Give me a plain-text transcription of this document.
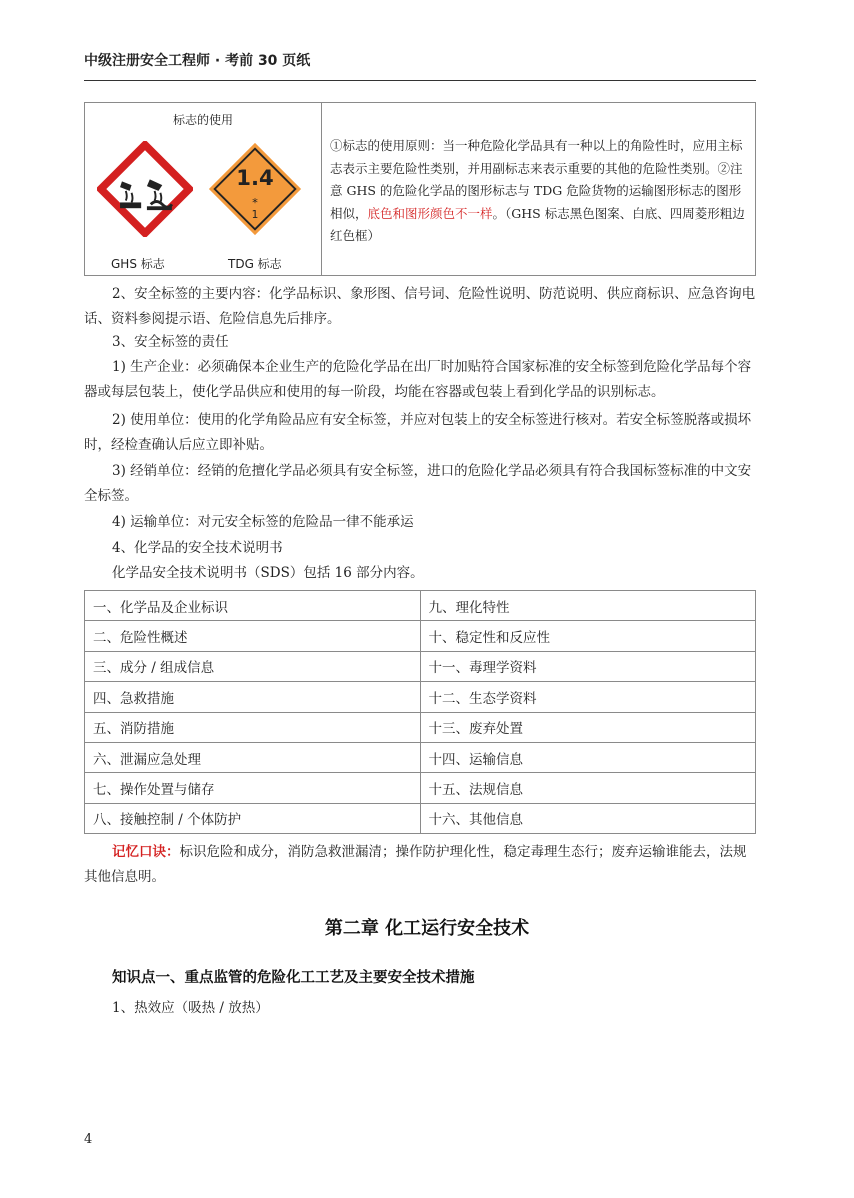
中级注册安全工程师 · 考前 30 页纸
标志的使用
1.4
*
1
GHS 标志	TDG 标志
①标志的使用原则：当一种危险化学品具有一种以上的角险性时，应用主标志表示主要危险性类别，并用副标志来表示重要的其他的危险性类别。②注意 GHS 的危险化学品的图形标志与 TDG 危险货物的运输图形标志的图形相似，底色和图形颜色不一样。（GHS 标志黑色图案、白底、四周菱形粗边红色框）
2、安全标签的主要内容：化学品标识、象形图、信号词、危险性说明、防范说明、供应商标识、应急咨询电话、资料参阅提示语、危险信息先后排序。
3、安全标签的责任
1) 生产企业：必须确保本企业生产的危险化学品在出厂时加贴符合国家标准的安全标签到危险化学品每个容器或每层包装上，使化学品供应和使用的每一阶段，均能在容器或包装上看到化学品的识别标志。
2) 使用单位：使用的化学角险品应有安全标签，并应对包装上的安全标签进行核对。若安全标签脱落或损坏时，经检查确认后应立即补贴。
3) 经销单位：经销的危擅化学品必须具有安全标签，进口的危险化学品必须具有符合我国标签标准的中文安全标签。
4) 运输单位：对元安全标签的危险品一律不能承运
4、化学品的安全技术说明书
化学品安全技术说明书（SDS）包括 16 部分内容。
一、化学品及企业标识	九、理化特性
二、危险性概述	十、稳定性和反应性
三、成分 / 组成信息	十一、毒理学资料
四、急救措施	十二、生态学资料
五、消防措施	十三、废弃处置
六、泄漏应急处理	十四、运输信息
七、操作处置与储存	十五、法规信息
八、接触控制 / 个体防护	十六、其他信息
记忆口诀：标识危险和成分，消防急救泄漏清；操作防护理化性，稳定毒理生态行；废弃运输谁能去，法规其他信息明。
第二章 化工运行安全技术
知识点一、重点监管的危险化工工艺及主要安全技术措施
1、热效应（吸热 / 放热）
4
